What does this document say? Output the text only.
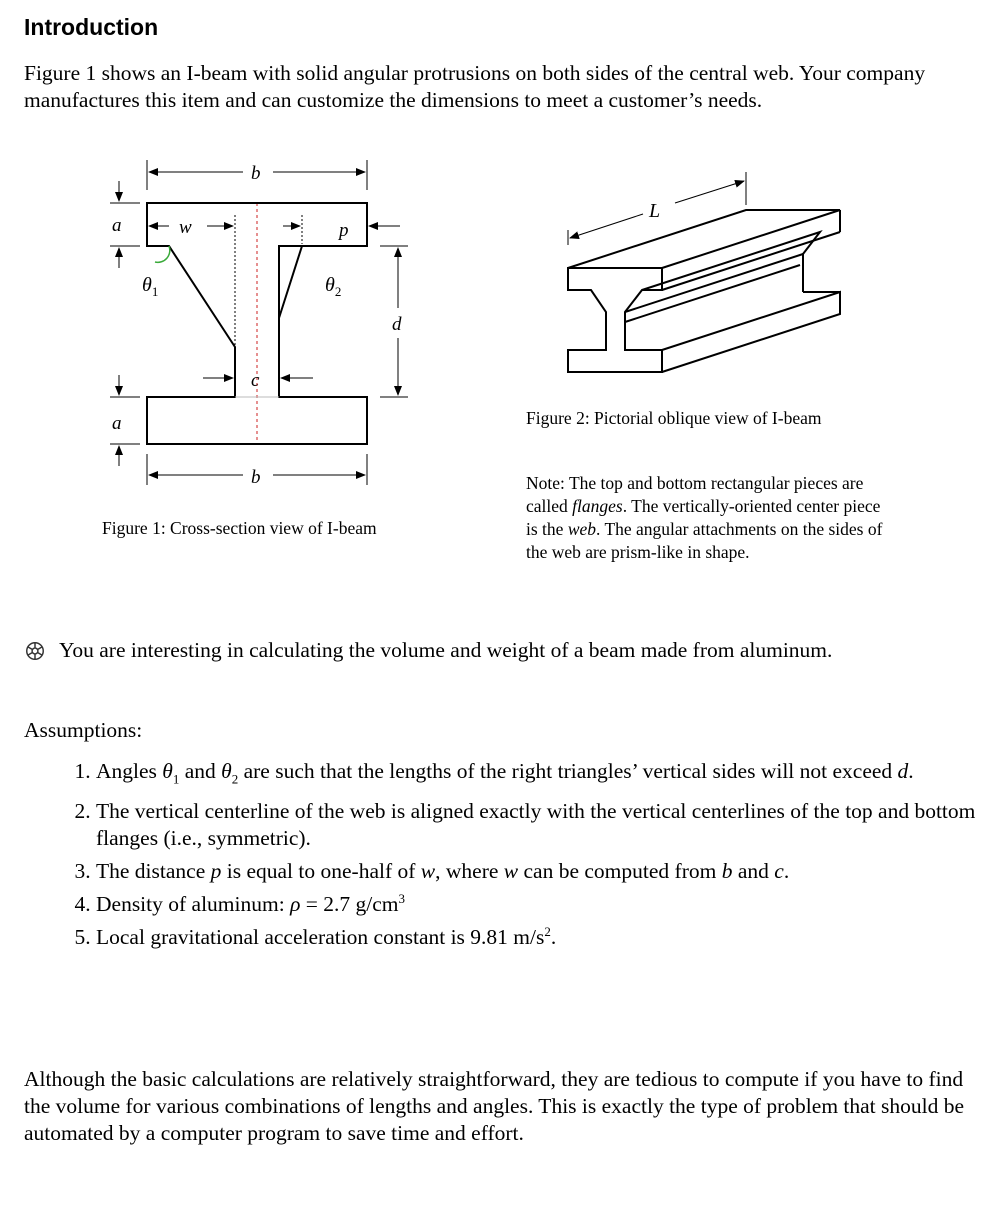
Introduction
Figure 1 shows an I-beam with solid angular protrusions on both sides of the central web. Your company manufactures this item and can customize the dimensions to meet a customer’s needs.
b
b
a
a
w	p
c
d
$\theta_1$	$\theta_2$
L
Figure 1: Cross-section view of I-beam
Figure 2: Pictorial oblique view of I-beam
Note: The top and bottom rectangular pieces are called flanges. The vertically-oriented center piece is the web. The angular attachments on the sides of the web are prism-like in shape.
You are interesting in calculating the volume and weight of a beam made from aluminum.
Assumptions:
1. Angles $\theta_1$ and $\theta_2$ are such that the lengths of the right triangles’ vertical sides will not exceed d.
2. The vertical centerline of the web is aligned exactly with the vertical centerlines of the top and bottom flanges (i.e., symmetric).
3. The distance p is equal to one-half of w, where w can be computed from b and c.
4. Density of aluminum: ρ = 2.7 $g/cm^3$
5. Local gravitational acceleration constant is 9.81 $m/s^2$.
Although the basic calculations are relatively straightforward, they are tedious to compute if you have to find the volume for various combinations of lengths and angles. This is exactly the type of problem that should be automated by a computer program to save time and effort.
